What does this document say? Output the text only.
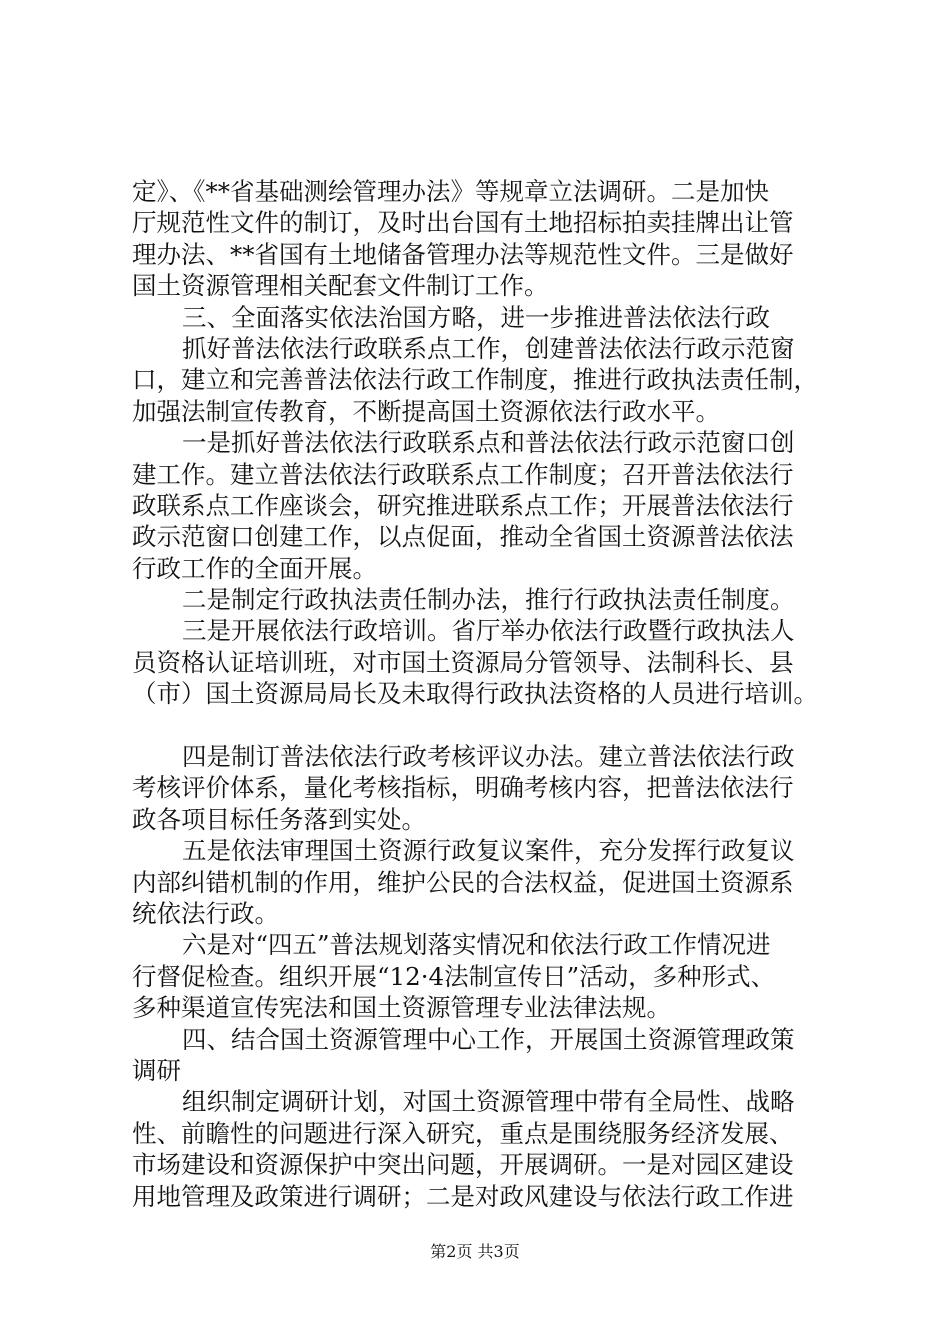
定》、《**省基础测绘管理办法》等规章立法调研。二是加快
厅规范性文件的制订，及时出台国有土地招标拍卖挂牌出让管
理办法、**省国有土地储备管理办法等规范性文件。三是做好
国土资源管理相关配套文件制订工作。
三、全面落实依法治国方略，进一步推进普法依法行政
抓好普法依法行政联系点工作，创建普法依法行政示范窗
口，建立和完善普法依法行政工作制度，推进行政执法责任制，
加强法制宣传教育，不断提高国土资源依法行政水平。
一是抓好普法依法行政联系点和普法依法行政示范窗口创
建工作。建立普法依法行政联系点工作制度；召开普法依法行
政联系点工作座谈会，研究推进联系点工作；开展普法依法行
政示范窗口创建工作，以点促面，推动全省国土资源普法依法
行政工作的全面开展。
二是制定行政执法责任制办法，推行行政执法责任制度。
三是开展依法行政培训。省厅举办依法行政暨行政执法人
员资格认证培训班，对市国土资源局分管领导、法制科长、县
（市）国土资源局局长及未取得行政执法资格的人员进行培训。
四是制订普法依法行政考核评议办法。建立普法依法行政
考核评价体系，量化考核指标，明确考核内容，把普法依法行
政各项目标任务落到实处。
五是依法审理国土资源行政复议案件，充分发挥行政复议
内部纠错机制的作用，维护公民的合法权益，促进国土资源系
统依法行政。
六是对“四五”普法规划落实情况和依法行政工作情况进
行督促检查。组织开展“12·4法制宣传日”活动，多种形式、
多种渠道宣传宪法和国土资源管理专业法律法规。
四、结合国土资源管理中心工作，开展国土资源管理政策
调研
组织制定调研计划，对国土资源管理中带有全局性、战略
性、前瞻性的问题进行深入研究，重点是围绕服务经济发展、
市场建设和资源保护中突出问题，开展调研。一是对园区建设
用地管理及政策进行调研；二是对政风建设与依法行政工作进
第2页 共3页
